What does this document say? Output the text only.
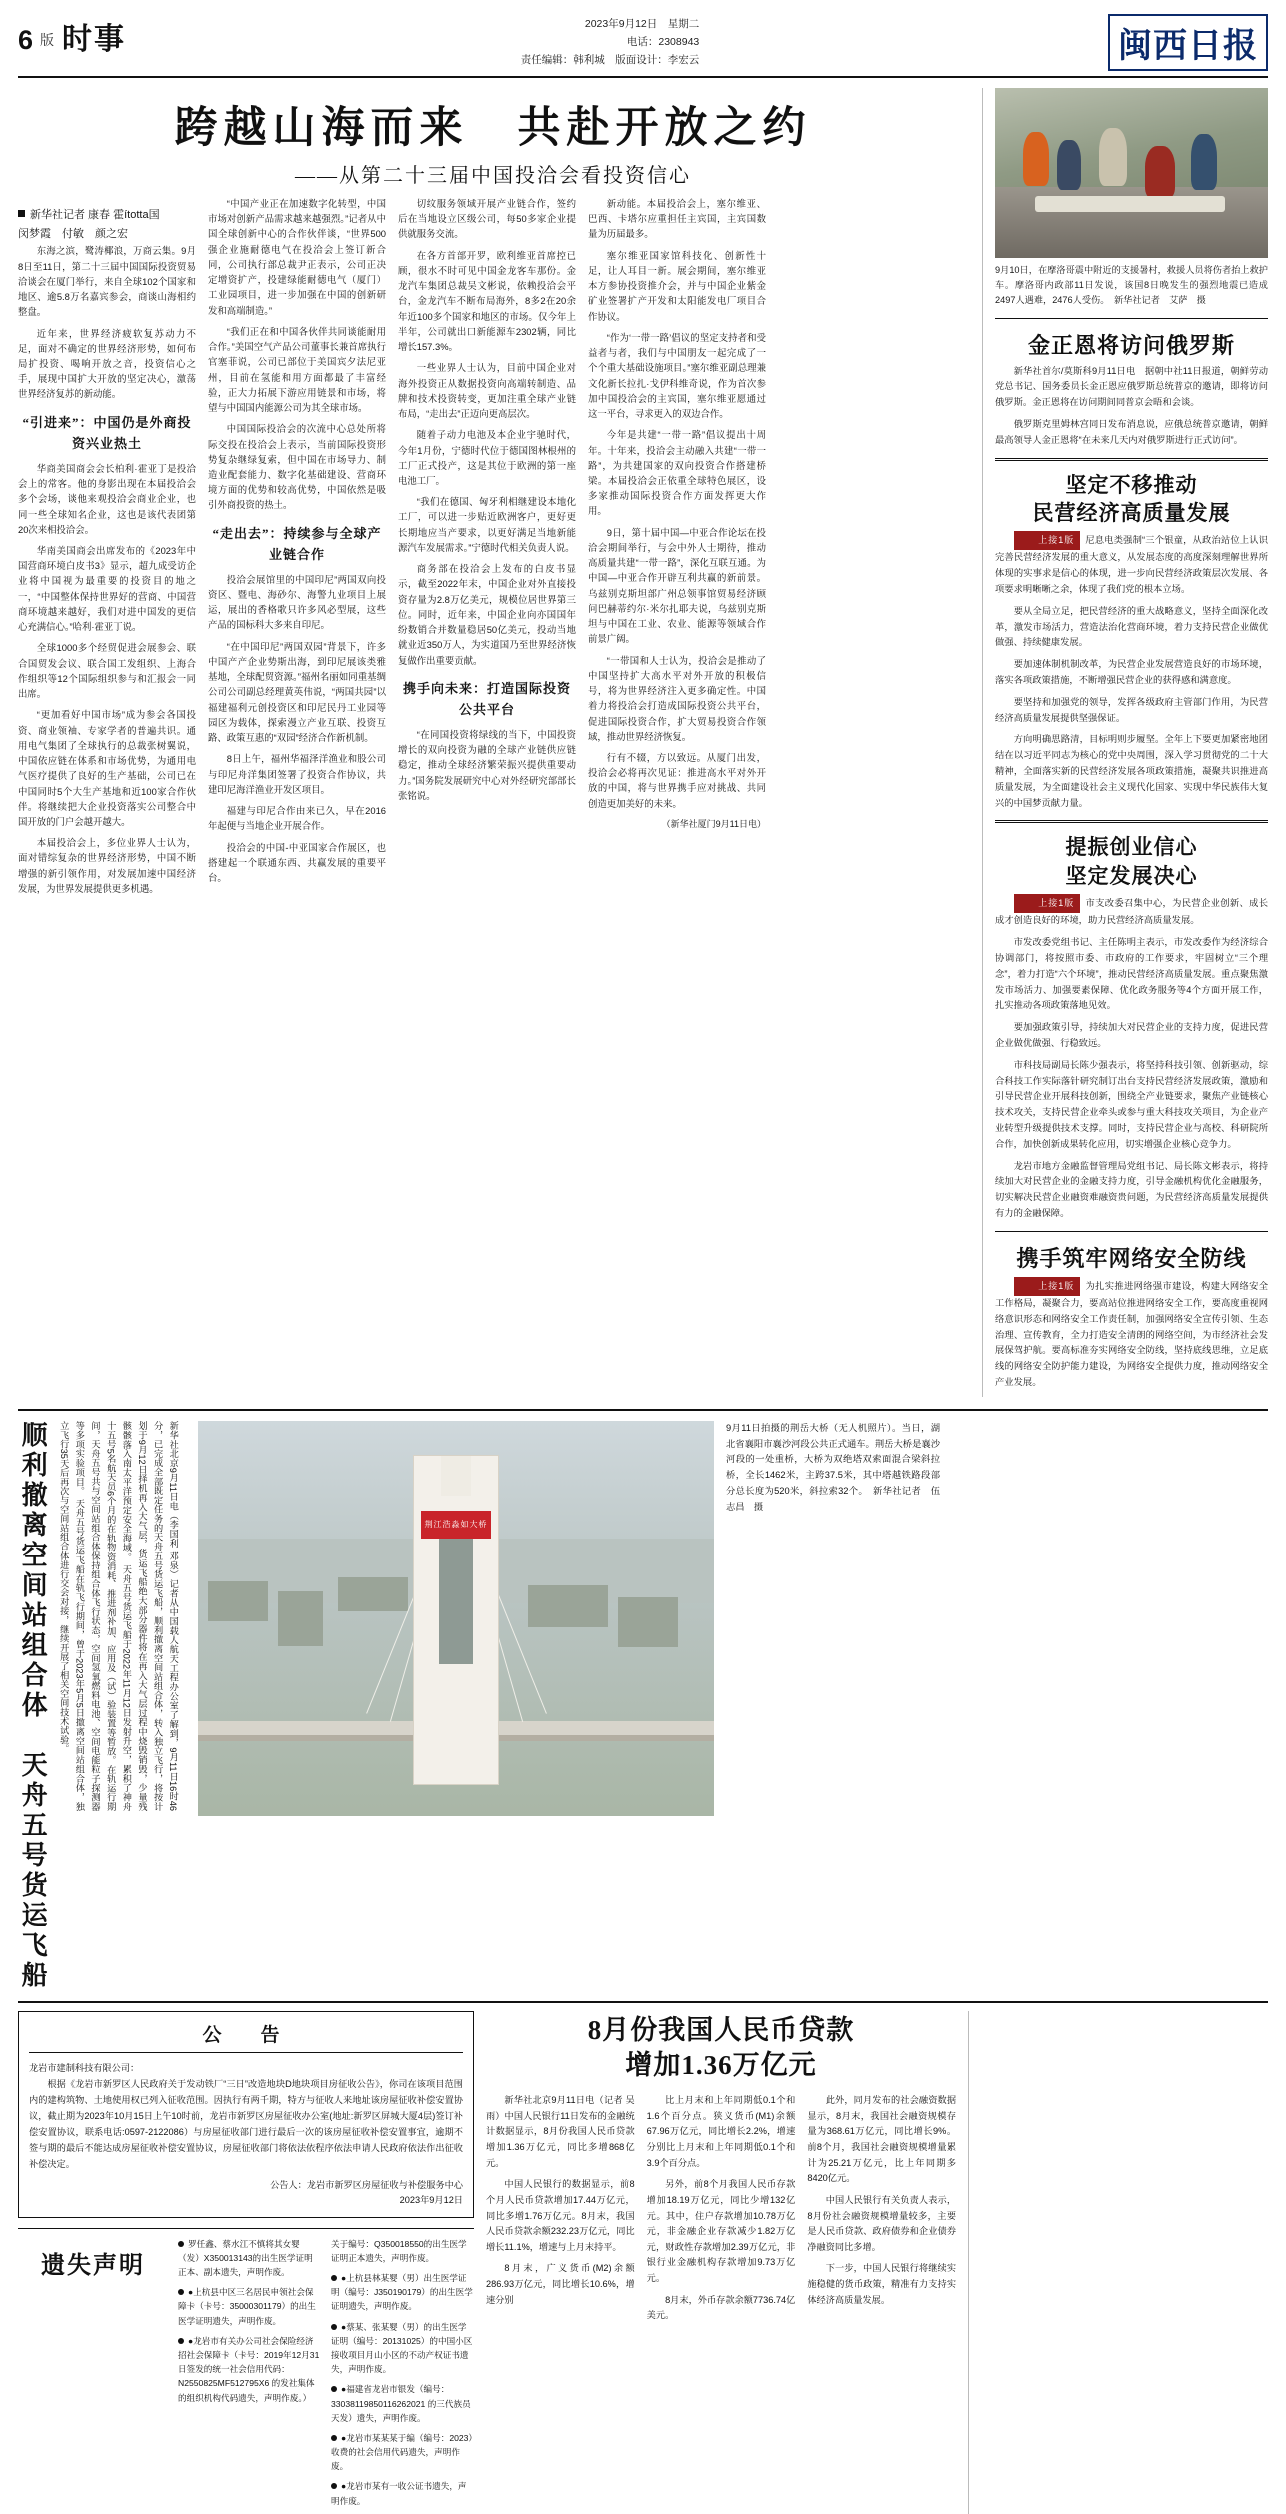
6 版 时事	2023年9月12日　星期二
电话：2308943
责任编辑：韩利城　版面设计：李宏云	闽西日报
跨越山海而来　共赴开放之约
——从第二十三届中国投洽会看投资信心
新华社记者 康春 霍ította国
闵梦霞　付敏　颜之宏

东海之滨，鹭涛椰浪，万商云集。9月8日至11日，第二十三届中国国际投资贸易洽谈会在厦门举行，来自全球102个国家和地区、逾5.8万名嘉宾参会，商谈山海相约整盘。

近年来，世界经济疲软复苏动力不足，面对不确定的世界经济形势，如何布局扩投资、喝响开放之音，投资信心之手，展现中国扩大开放的坚定决心，激荡世界经济复苏的新动能。

“引进来”：中国仍是外商投资兴业热土

华商美国商会会长柏利·霍亚丁是投洽会上的常客。他的身影出现在本届投洽会多个会场，谈他来观投洽会商业企业，也同一些全球知名企业，这也是该代表团第20次来相投洽会。

华南美国商会出席发布的《2023年中国营商环境白皮书3》显示，超九成受访企业将中国视为最重要的投资目的地之一，“中国整体保持世界好的营商、中国营商环境越来越好，我们对进中国发的更信心充满信心。”哈利·霍亚丁说。

全球1000多个经贸促进会展参会、联合国贸发会议、联合国工发组织、上海合作组织等12个国际组织参与和汇报会一同出席。

“更加看好中国市场”成为参会各国投资、商业领袖、专家学者的普遍共识。通用电气集团了全球执行的总裁张树翼说，中国依应链在体系和市场优势，为通用电气医疗提供了良好的生产基础，公司已在中国同时5个大生产基地和近100家合作伙伴。将继续把大企业投资落实公司整合中国开放的门户会越开越大。

本届投洽会上，多位业界人士认为，面对错综复杂的世界经济形势，中国不断增强的新引领作用，对发展加速中国经济发展，为世界发展提供更多机遇。

“中国产业正在加速数字化转型，中国市场对创新产品需求越来越强烈。”记者从中国全球创新中心的合作伙伴谈，“世界500强企业施耐德电气在投洽会上签订新合同，公司执行部总裁尹正表示，公司正决定增资扩产，投建绿能耐德电气（厦门）工业园项目，进一步加强在中国的创新研发和高端制造。”

“我们正在和中国各伙伴共同谈能耐用合作。”美国空气产品公司董事长兼首席执行官塞菲说，公司已部位于美国宾夕法尼亚州，目前在氢能和用方面都最了丰富经验，正大力拓展下游应用链景和市场，将望与中国国内能源公司为其全球市场。

中国国际投洽会的次流中心总处所将际交投在投洽会上表示，当前国际投资形势复杂继绿复索，但中国在市场导力、制造业配套能力、数字化基础建设、营商环境方面的优势和较高优势，中国依然是吸引外商投资的热土。

“走出去”：持续参与全球产业链合作

投洽会展馆里的中国印尼”两国双向投资区、暨电、海砂尔、海警九业项目上展运，展出的香格歌只许多风必型展，这些产品的国标科大多来自印尼。

“在中国印尼”两国双园”背景下，许多中国产产企业势斯出海，到印尼展该类雅基地，全球配贸资源。”福州名丽如同重基绸公司公司副总经理黄英伟说，“两国共园”以福建福利元创投资区和印尼民丹工业园等园区为载体，探索漫立产业互联、投资互路、政策互惠的“双园”经济合作新机制。

8日上午，福州华福泽洋渔业和股公司与印尼舟洋集团签署了投资合作协议，共建印尼海洋渔业开发区项目。

福建与印尼合作由来已久，早在2016年起便与当地企业开展合作。

投洽会的中国-中亚国家合作展区，也搭建起一个联通东西、共赢发展的重要平台。

切纹服务领域开展产业链合作，签约后在当地设立区级公司，每50多家企业提供就服务交流。

在各方首部开罗，欧利维亚首席控已顾，很水不时可见中国金龙客车那份。金龙汽车集团总裁吴文彬说，依赖投洽会平台，金龙汽车不断布局海外，8多2在20余年近100多个国家和地区的市场。仅今年上半年，公司就出口新能源车2302辆，同比增长157.3%。

一些业界人士认为，目前中国企业对海外投资正从数据投资向高端转制造、品牌和技术投资转变，更加注重全球产业链布局，“走出去”正迈向更高层次。

随着子动力电池及本企业宇驰时代，今年1月份，宁德时代位于德国图林根州的工厂正式投产，这是其位于欧洲的第一座电池工厂。

“我们在德国、匈牙利相继建设本地化工厂，可以进一步贴近欧洲客户，更好更长期地应当产要求，以更好满足当地新能源汽车发展需求。”宁德时代相关负责人说。

商务部在投洽会上发布的白皮书显示，截至2022年末，中国企业对外直接投资存量为2.8万亿美元，规模位居世界第三位。同时，近年来，中国企业向亦国国年纷数销合并数量稳居50亿美元，投动当地就业近350万人，为实道国乃至世界经济恢复做作出重要贡献。

携手向未来：打造国际投资公共平台

“在同国投资将绿线的当下，中国投资增长的双向投资为融的全球产业链供应链稳定，推动全球经济繁荣振兴提供重要动力。”国务院发展研究中心对外经研究部部长张铭说。

新动能。本届投洽会上，塞尔维亚、巴西、卡塔尔应重担任主宾国，主宾国数量为历届最多。

塞尔维亚国家馆科技化、创新性十足，让人耳目一新。展会期间，塞尔维亚本方参协投资推介会，并与中国企业紫金矿业签署扩产开发和太阳能发电厂项目合作协议。

“作为‘一带一路’倡议的坚定支持者和受益者与者，我们与中国朋友一起完成了一个个重大基础设施项目。”塞尔维亚副总理兼文化新长拉扎·戈伊科维奇说，作为首次参加中国投洽会的主宾国，塞尔维亚愿通过这一平台，寻求更入的双边合作。

今年是共建“一带一路”倡议提出十周年。十年来，投洽会主动融入共建“一带一路”，为共建国家的双向投资合作搭建桥梁。本届投洽会正依重全球特色展区，设多家推动国际投资合作方面发挥更大作用。

9日，第十届中国—中亚合作论坛在投洽会期间举行，与会中外人士期待，推动高质量共建“一带一路”，深化互联互通。为中国—中亚合作开辟互利共赢的新前景。乌兹别克斯坦部广州总领事馆贸易经济顾问巴赫蒂约尔·米尔扎耶夫说，乌兹别克斯坦与中国在工业、农业、能源等领域合作前景广阔。

“一带国和人士认为，投洽会是推动了中国坚持扩大高水平对外开放的积极信号，将为世界经济注入更多确定性。中国着力将投洽会打造成国际投资公共平台，促进国际投资合作，扩大贸易投资合作领域，推动世界经济恢复。

行有不辍，方以致远。从厦门出发，投洽会必将再次见证：推进高水平对外开放的中国，将与世界携手应对挑战、共同创造更加美好的未来。

（新华社厦门9月11日电）
9月10日，在摩洛哥震中附近的支援暑村，救援人员将伤者抬上救护车。摩洛哥内政部11日发说，该国8日晚发生的强烈地震已造成2497人遇难，2476人受伤。　新华社记者　艾萨　摄
金正恩将访问俄罗斯

新华社首尔/莫斯科9月11日电　据朝中社11日报道，朝鲜劳动党总书记、国务委员长金正恩应俄罗斯总统普京的邀请，即将访问俄罗斯。金正恩将在访问期间同普京会晤和会谈。

俄罗斯克里姆林宫同日发布消息说，应俄总统普京邀请，朝鲜最高领导人金正恩将“在未来几天内对俄罗斯进行正式访问”。

坚定不移推动
民营经济高质量发展

上接1版 尼息电类强制“三个银童，从政治站位上认识完善民营经济发展的重大意义，从发展态度的高度深刻理解世界所体现的实事求是信心的体现，进一步向民营经济政策层次发展、各项要求明晰晰之余，体现了我们党的根本立场。

要从全局立足，把民营经济的重大战略意义，坚持全面深化改革，激发市场活力，营造法治化营商环境，着力支持民营企业做优做强、持续健康发展。

要加速体制机制改革，为民营企业发展营造良好的市场环境，落实各项政策措施，不断增强民营企业的获得感和满意度。

要坚持和加强党的领导，发挥各级政府主管部门作用，为民营经济高质量发展提供坚强保证。

方向明确思路清，目标明则步履坚。全年上下要更加紧密地团结在以习近平同志为核心的党中央周围，深入学习贯彻党的二十大精神，全面落实新的民营经济发展各项政策措施，凝聚共识推进高质量发展，为全面建设社会主义现代化国家、实现中华民族伟大复兴的中国梦贡献力量。

提振创业信心
坚定发展决心

上接1版 市支改委召集中心，为民营企业创新、成长成才创造良好的环境，助力民营经济高质量发展。

市发改委党组书记、主任陈明主表示，市发改委作为经济综合协调部门，将按照市委、市政府的工作要求，牢固树立“三个理念”，着力打造“六个环境”，推动民营经济高质量发展。重点聚焦激发市场活力、加强要素保障、优化政务服务等4个方面开展工作，扎实推动各项政策落地见效。

要加强政策引导，持续加大对民营企业的支持力度，促进民营企业做优做强、行稳致远。

市科技局副局长陈少强表示，将坚持科技引领、创新驱动，综合科技工作实际落针研究制订出台支持民营经济发展政策，激励和引导民营企业开展科技创新，围绕全产业链要求，聚焦产业链核心技术攻关，支持民营企业牵头或参与重大科技攻关项目，为企业产业转型升级提供技术支撑。同时，支持民营企业与高校、科研院所合作，加快创新成果转化应用，切实增强企业核心竞争力。

龙岩市地方金融监督管理局党组书记、局长陈文彬表示，将持续加大对民营企业的金融支持力度，引导金融机构优化金融服务，切实解决民营企业融资难融资贵问题，为民营经济高质量发展提供有力的金融保障。

携手筑牢网络安全防线

上接1版 为扎实推进网络强市建设，构建大网络安全工作格局，凝聚合力，要高站位推进网络安全工作，要高度重视网络意识形态和网络安全工作责任制，加强网络安全宣传引领、生态治理、宣传教育，全力打造安全清朗的网络空间，为市经济社会发展保驾护航。要高标准夯实网络安全防线，坚持底线思维，立足底线的网络安全防护能力建设，为网络安全提供力度，推动网络安全产业发展。

顺利撤离空间站组合体　天舟五号货运飞船	新华社北京9月11日电（李国利 邓泉）记者从中国载人航天工程办公室了解到，9月11日16时46分，已完成全部既定任务的天舟五号货运飞船，顺利撤离空间站组合体，转入独立飞行，将按计划于9月12日择机再入大气层，货运飞船绝大部分器件将在再入大气层过程中烧毁销毁，少量残骸骸落入南太平洋预定安全海域。 天舟五号货运飞船于2022年11月12日发射升空，累积了神舟十五号5名航天员6个月的在轨物资消耗、推进剂补加、应用及（试）验装置等暂放。在轨运行期间，天舟五号共与空间站组合体保持组合体飞行状态，空间氢氧燃料电池、空间电能粒子探测器等多项实验项目。 天舟五号货运飞船在轨飞行期间，曾于2023年5月5日撤离空间站组合体，独立飞行35天后再次与空间站组合体进行交会对接，继续开展了相关空间技术试验。	荆江浩淼如大桥
9月11日拍摄的荆岳大桥（无人机照片）。当日，湖北省襄阳市襄沙河段公共正式通车。荆岳大桥是襄沙河段的一处重桥，大桥为双绝塔双索面混合梁斜拉桥，全长1462米，主跨37.5米，其中塔越铁路段部分总长度为520米，斜拉索32个。　新华社记者　伍志昌　摄
公　告
龙岩市建制科技有限公司：

根据《龙岩市新罗区人民政府关于发动铁厂“三日”改造地块D地块项目房征收公告》，你司在该项目范围内的建构筑物、土地使用权已列入征收范围。因执行有两千期，特方与征收人来地址该房屋征收补偿安置协议，截止期为2023年10月15日上午10时前，龙岩市新罗区房屋征收办公室(地址:新罗区屏城大厦4层)签订补偿安置协议，联系电话:0597-2122086）与房屋征收部门进行最后一次的该房屋征收补偿安置事宜，逾期不签与期的最后不能达成房屋征收补偿安置协议，房屋征收部门将依法依程序依法申请人民政府依法作出征收补偿决定。

公告人：龙岩市新罗区房屋征收与补偿服务中心
2023年9月12日
遗失声明
罗任鑫、蔡水江不慎将其女婴（发）X350013143的出生医学证明正本、副本遗失，声明作废。
●上杭县中区三名居民申领社会保障卡（卡号：35000301179）的出生医学证明遗失，声明作废。
●龙岩市有关办公司社会保险经济招社会保障卡（卡号：2019年12月31日签发的统一社会信用代码：N2550825MF512795X6 的发社集体的组织机构代码遗失，声明作废。）
关于编号：Q350018550的出生医学证明正本遗失，声明作废。
●上杭县林某婴（男）出生医学证明（编号：J350190179）的出生医学证明遗失，声明作废。
●蔡某、张某婴（男）的出生医学证明（编号：20131025）的中国小区接收项目月山小区的不动产权证书遗失，声明作废。
●福建省龙岩市银发（编号：33038119850116262021 的三代族员天发）遗失，声明作废。
●龙岩市某某某于编（编号：2023）收费的社会信用代码遗失，声明作废。
●龙岩市某有一收公证书遗失，声明作废。
8月份我国人民币贷款
增加1.36万亿元

新华社北京9月11日电（记者 吴雨）中国人民银行11日发布的金融统计数据显示，8月份我国人民币贷款增加1.36万亿元，同比多增868亿元。

中国人民银行的数据显示，前8个月人民币贷款增加17.44万亿元，同比多增1.76万亿元。8月末，我国人民币贷款余额232.23万亿元，同比增长11.1%，增速与上月末持平。

8月末，广义货币(M2)余额286.93万亿元，同比增长10.6%，增速分别

比上月末和上年同期低0.1个和1.6个百分点。狭义货币(M1)余额67.96万亿元，同比增长2.2%，增速分别比上月末和上年同期低0.1个和3.9个百分点。

另外，前8个月我国人民币存款增加18.19万亿元，同比少增132亿元。其中，住户存款增加10.78万亿元，非金融企业存款减少1.82万亿元，财政性存款增加2.39万亿元，非银行业金融机构存款增加9.73万亿元。

8月末，外币存款余额7736.74亿美元。

此外，同月发布的社会融资数据显示，8月末，我国社会融资规模存量为368.61万亿元，同比增长9%。前8个月，我国社会融资规模增量累计为25.21万亿元，比上年同期多8420亿元。

中国人民银行有关负责人表示，8月份社会融资规模增量较多，主要是人民币贷款、政府债券和企业债券净融资同比多增。

下一步，中国人民银行将继续实施稳健的货币政策，精准有力支持实体经济高质量发展。
